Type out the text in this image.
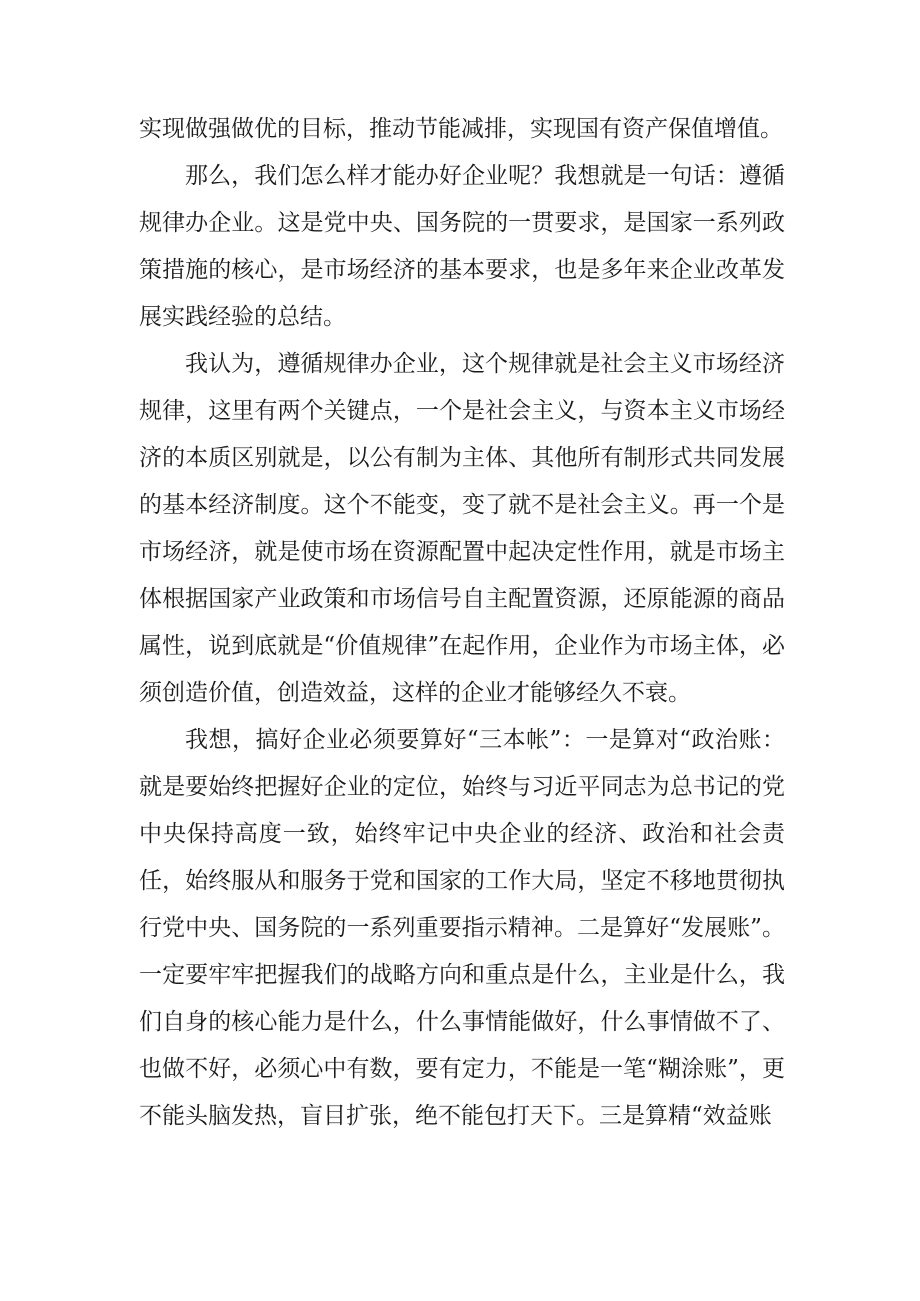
实现做强做优的目标，推动节能减排，实现国有资产保值增值。

那么，我们怎么样才能办好企业呢？我想就是一句话：遵循规律办企业。这是党中央、国务院的一贯要求，是国家一系列政策措施的核心，是市场经济的基本要求，也是多年来企业改革发展实践经验的总结。

我认为，遵循规律办企业，这个规律就是社会主义市场经济规律，这里有两个关键点，一个是社会主义，与资本主义市场经济的本质区别就是，以公有制为主体、其他所有制形式共同发展的基本经济制度。这个不能变，变了就不是社会主义。再一个是市场经济，就是使市场在资源配置中起决定性作用，就是市场主体根据国家产业政策和市场信号自主配置资源，还原能源的商品属性，说到底就是“价值规律”在起作用，企业作为市场主体，必须创造价值，创造效益，这样的企业才能够经久不衰。

我想，搞好企业必须要算好“三本帐”：一是算对“政治账：就是要始终把握好企业的定位，始终与习近平同志为总书记的党中央保持高度一致，始终牢记中央企业的经济、政治和社会责任，始终服从和服务于党和国家的工作大局，坚定不移地贯彻执行党中央、国务院的一系列重要指示精神。二是算好“发展账”。一定要牢牢把握我们的战略方向和重点是什么，主业是什么，我们自身的核心能力是什么，什么事情能做好，什么事情做不了、也做不好，必须心中有数，要有定力，不能是一笔“糊涂账”，更不能头脑发热，盲目扩张，绝不能包打天下。三是算精“效益账
